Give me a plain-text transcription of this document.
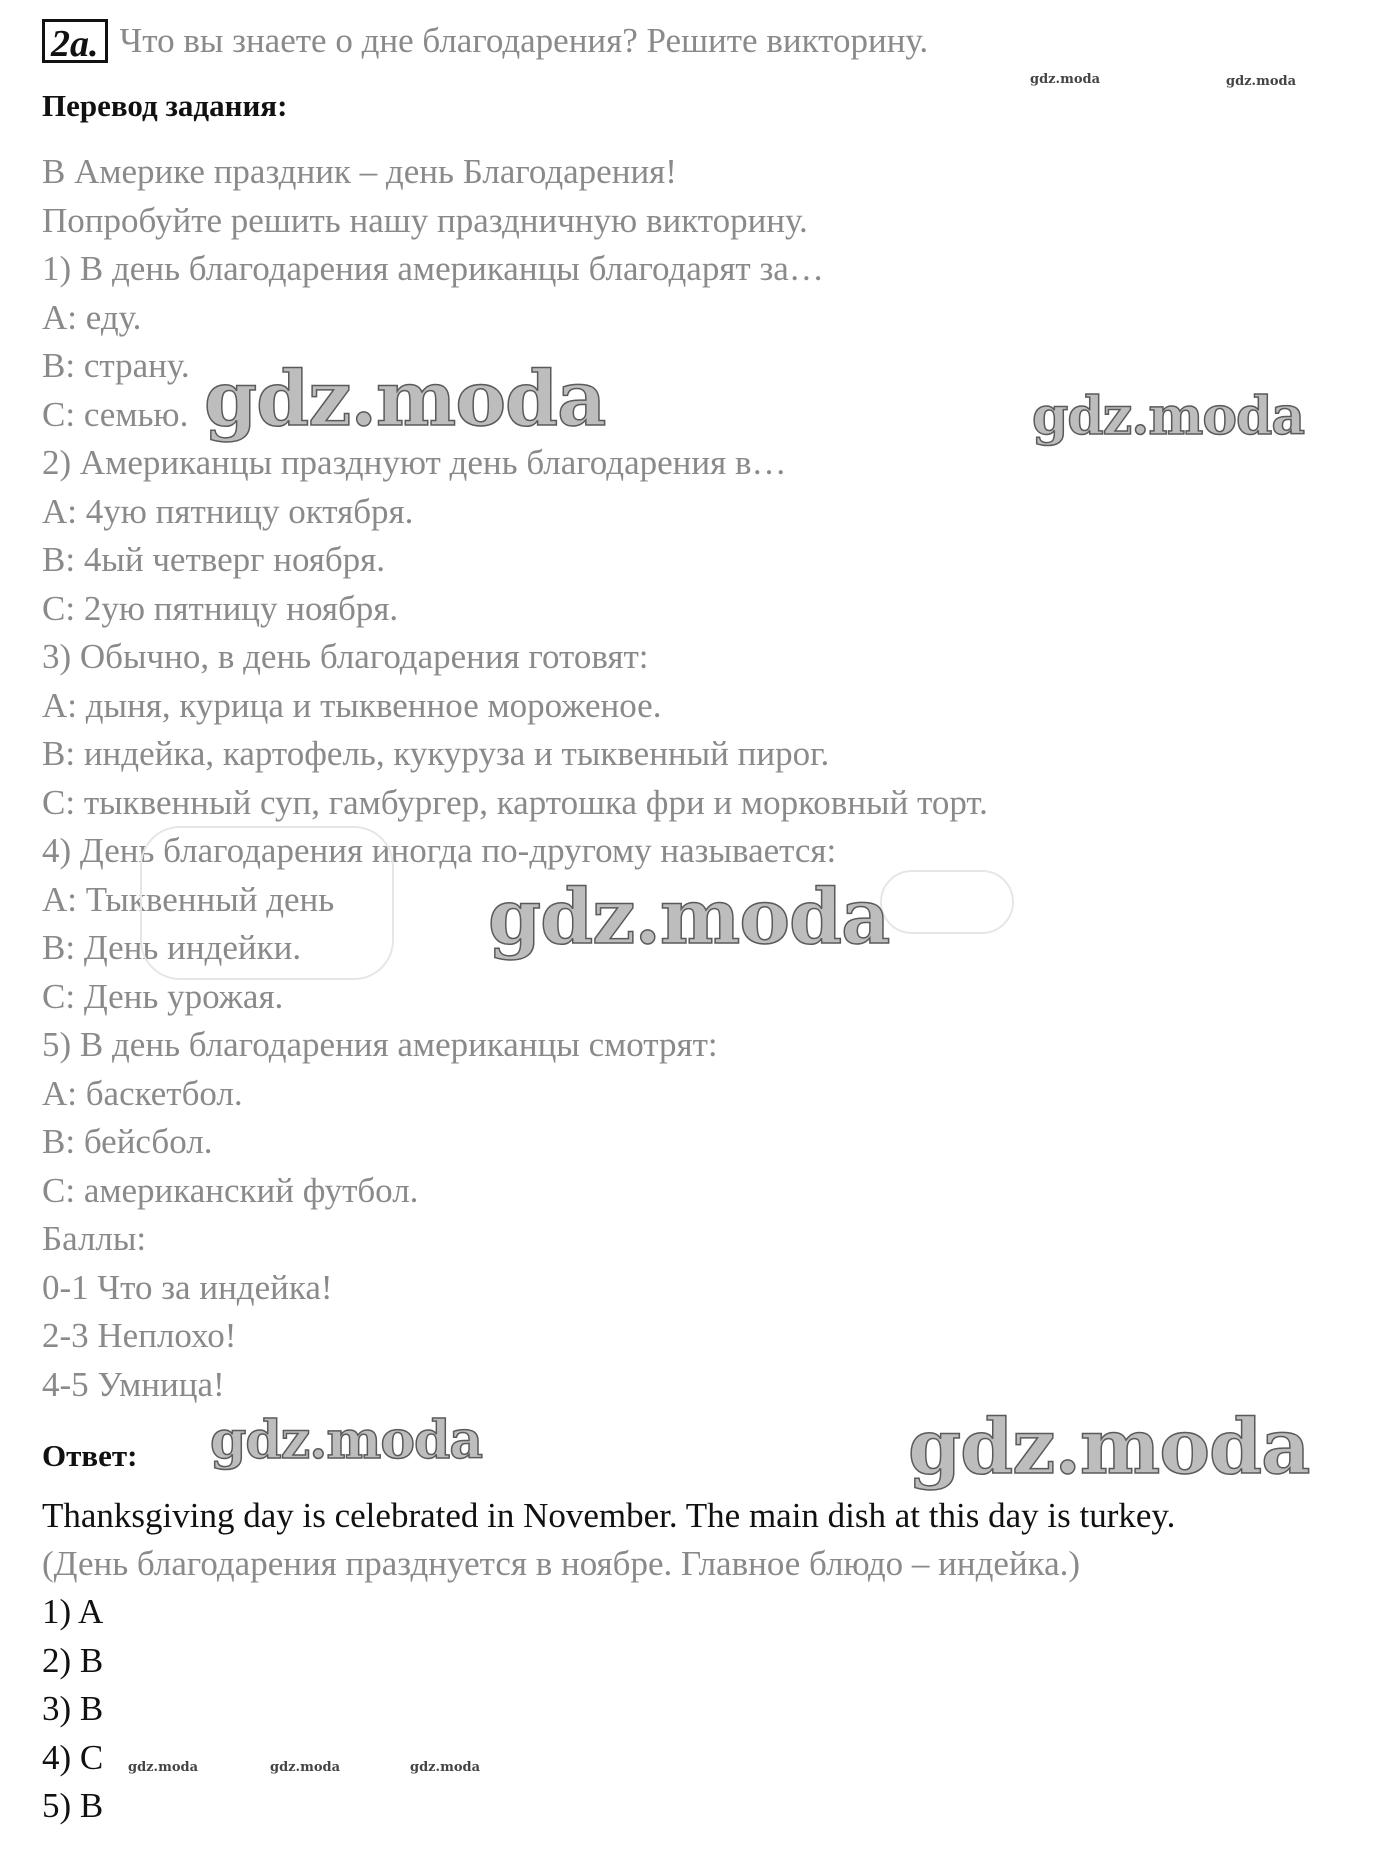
2a. Что вы знаете о дне благодарения? Решите викторину.
Перевод задания:
В Америке праздник – день Благодарения!
Попробуйте решить нашу праздничную викторину.
1) В день благодарения американцы благодарят за…
A: еду.
B: страну.
C: семью.
2) Американцы празднуют день благодарения в…
A: 4ую пятницу октября.
B: 4ый четверг ноября.
C: 2ую пятницу ноября.
3) Обычно, в день благодарения готовят:
A: дыня, курица и тыквенное мороженое.
B: индейка, картофель, кукуруза и тыквенный пирог.
C: тыквенный суп, гамбургер, картошка фри и морковный торт.
4) День благодарения иногда по-другому называется:
A: Тыквенный день
B: День индейки.
C: День урожая.
5) В день благодарения американцы смотрят:
A: баскетбол.
B: бейсбол.
C: американский футбол.
Баллы:
0-1 Что за индейка!
2-3 Неплохо!
4-5 Умница!
Ответ:
Thanksgiving day is celebrated in November. The main dish at this day is turkey.
(День благодарения празднуется в ноябре. Главное блюдо – индейка.)
1) A
2) B
3) B
4) C
5) B
gdz.moda	gdz.moda
gdz.moda	gdz.moda
gdz.moda
gdz.moda	gdz.moda
gdz.moda	gdz.moda	gdz.moda
